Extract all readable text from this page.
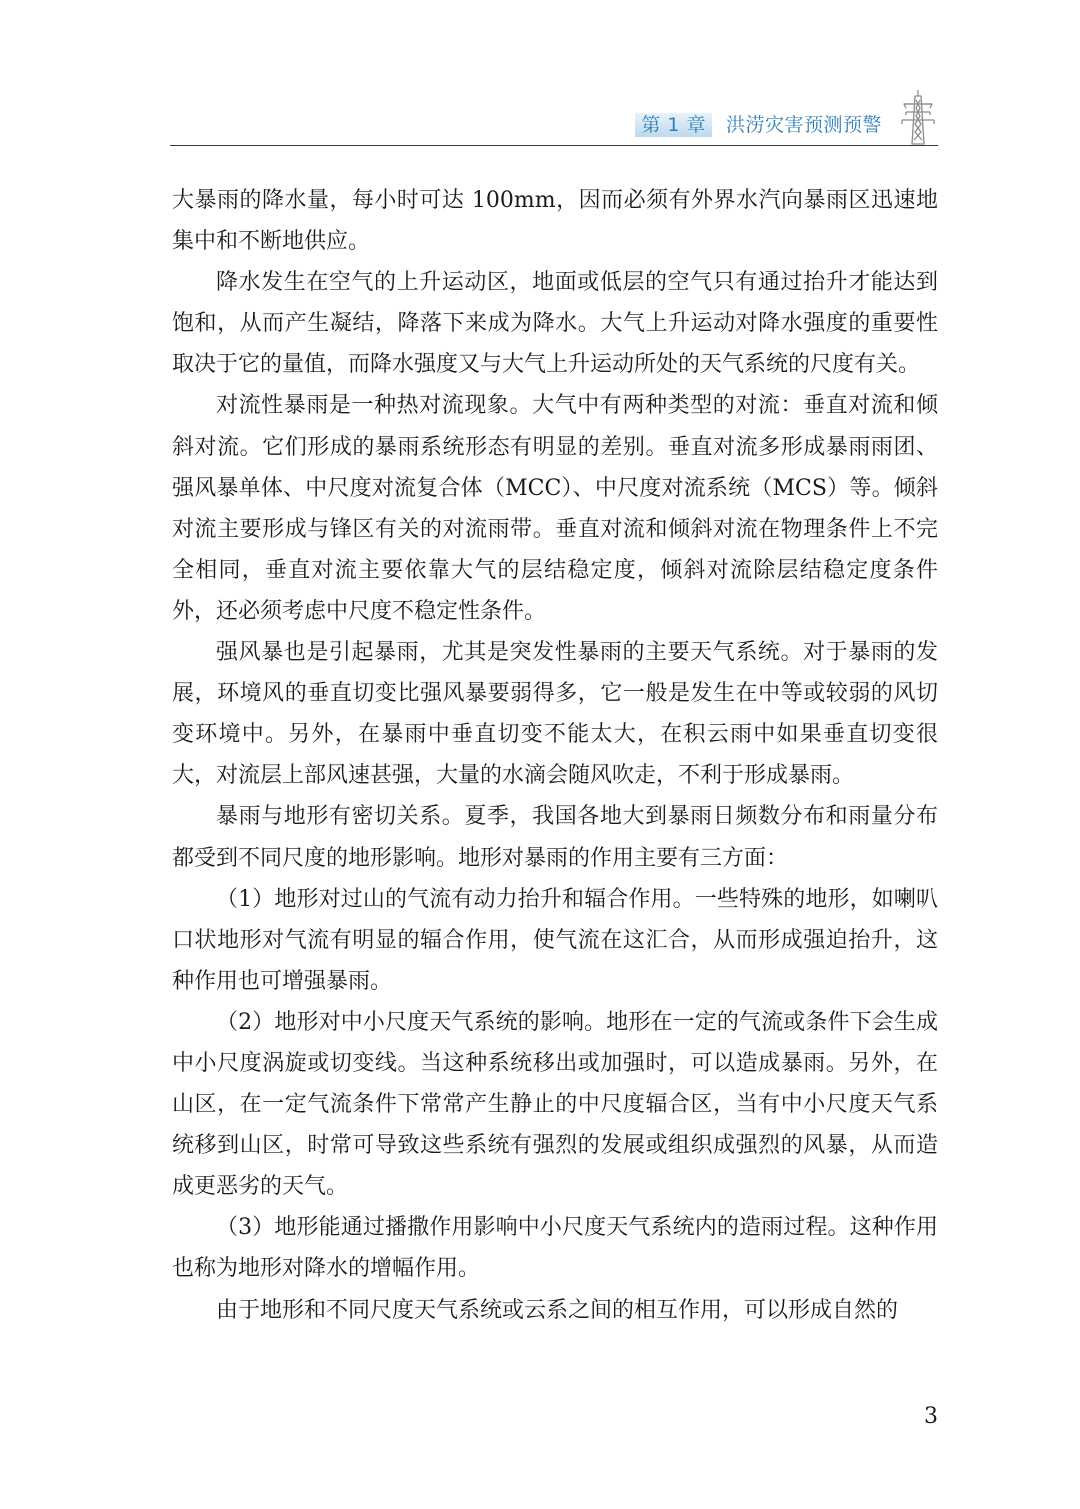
第 1 章 洪涝灾害预测预警

大暴雨的降水量，每小时可达 100mm，因而必须有外界水汽向暴雨区迅速地集中和不断地供应。

降水发生在空气的上升运动区，地面或低层的空气只有通过抬升才能达到饱和，从而产生凝结，降落下来成为降水。大气上升运动对降水强度的重要性取决于它的量值，而降水强度又与大气上升运动所处的天气系统的尺度有关。

对流性暴雨是一种热对流现象。大气中有两种类型的对流：垂直对流和倾斜对流。它们形成的暴雨系统形态有明显的差别。垂直对流多形成暴雨雨团、强风暴单体、中尺度对流复合体（MCC）、中尺度对流系统（MCS）等。倾斜对流主要形成与锋区有关的对流雨带。垂直对流和倾斜对流在物理条件上不完全相同，垂直对流主要依靠大气的层结稳定度，倾斜对流除层结稳定度条件外，还必须考虑中尺度不稳定性条件。

强风暴也是引起暴雨，尤其是突发性暴雨的主要天气系统。对于暴雨的发展，环境风的垂直切变比强风暴要弱得多，它一般是发生在中等或较弱的风切变环境中。另外，在暴雨中垂直切变不能太大，在积云雨中如果垂直切变很大，对流层上部风速甚强，大量的水滴会随风吹走，不利于形成暴雨。

暴雨与地形有密切关系。夏季，我国各地大到暴雨日频数分布和雨量分布都受到不同尺度的地形影响。地形对暴雨的作用主要有三方面：

（1）地形对过山的气流有动力抬升和辐合作用。一些特殊的地形，如喇叭口状地形对气流有明显的辐合作用，使气流在这汇合，从而形成强迫抬升，这种作用也可增强暴雨。

（2）地形对中小尺度天气系统的影响。地形在一定的气流或条件下会生成中小尺度涡旋或切变线。当这种系统移出或加强时，可以造成暴雨。另外，在山区，在一定气流条件下常常产生静止的中尺度辐合区，当有中小尺度天气系统移到山区，时常可导致这些系统有强烈的发展或组织成强烈的风暴，从而造成更恶劣的天气。

（3）地形能通过播撒作用影响中小尺度天气系统内的造雨过程。这种作用也称为地形对降水的增幅作用。

由于地形和不同尺度天气系统或云系之间的相互作用，可以形成自然的

3
